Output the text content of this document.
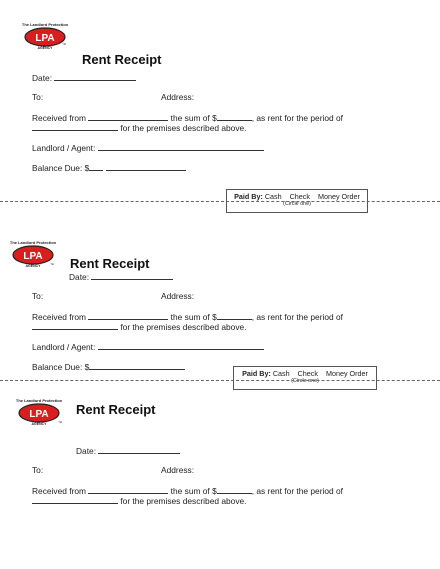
The Landlord Protection
LPA
AGENCY
™
Rent Receipt
Date:
To:	Address:
Received from	the sum of $	, as rent for the period of
for the premises described above.
Landlord / Agent:
Balance Due: $
Paid By: Cash    Check    Money Order
(Circle one)
The Landlord Protection
LPA
AGENCY ™ Rent Receipt
Date:
To:	Address:
Received from	the sum of $	, as rent for the period of
for the premises described above.
Landlord / Agent:
Balance Due: $
Paid By: Cash    Check    Money Order
(Circle one)
The Landlord Protection
LPA
AGENCY	™
Rent Receipt
Date:
To:	Address:
Received from	the sum of $	, as rent for the period of
for the premises described above.
